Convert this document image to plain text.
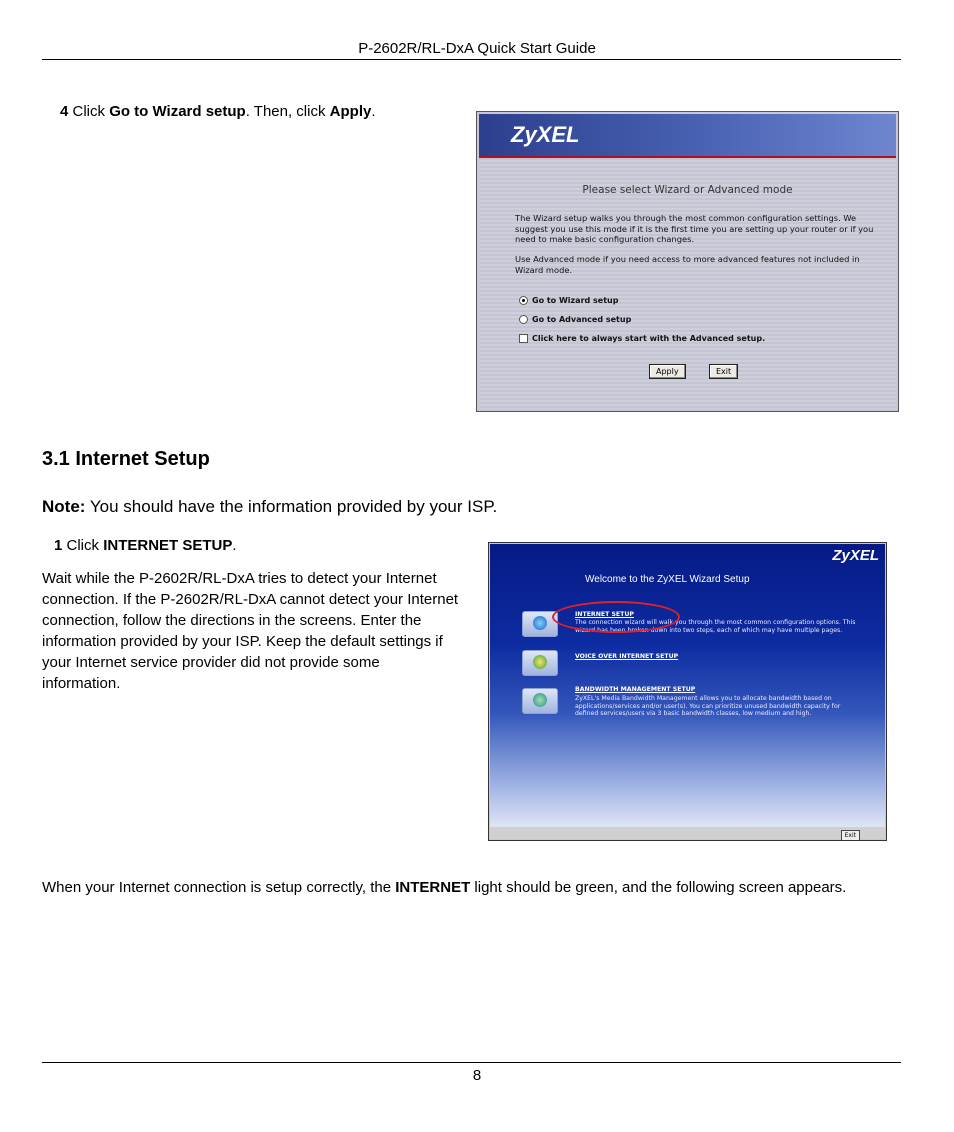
P-2602R/RL-DxA Quick Start Guide
4 Click Go to Wizard setup. Then, click Apply.
ZyXEL
Please select Wizard or Advanced mode
The Wizard setup walks you through the most common configuration settings. We suggest you use this mode if it is the first time you are setting up your router or if you need to make basic configuration changes.
Use Advanced mode if you need access to more advanced features not included in Wizard mode.
Go to Wizard setup
Go to Advanced setup
Click here to always start with the Advanced setup.
Apply	Exit
3.1 Internet Setup
Note: You should have the information provided by your ISP.
1 Click INTERNET SETUP.
Wait while the P-2602R/RL-DxA tries to detect your Internet connection. If the P-2602R/RL-DxA cannot detect your Internet connection, follow the directions in the screens. Enter the information provided by your ISP. Keep the default settings if your Internet service provider did not provide some information.
ZyXEL
Welcome to the ZyXEL Wizard Setup
INTERNET SETUP
The connection wizard will walk you through the most common configuration options. This wizard has been broken down into two steps, each of which may have multiple pages.
VOICE OVER INTERNET SETUP
BANDWIDTH MANAGEMENT SETUP
ZyXEL's Media Bandwidth Management allows you to allocate bandwidth based on applications/services and/or user(s). You can prioritize unused bandwidth capacity for defined services/users via 3 basic bandwidth classes, low medium and high.
Exit
When your Internet connection is setup correctly, the INTERNET light should be green, and the following screen appears.
8
